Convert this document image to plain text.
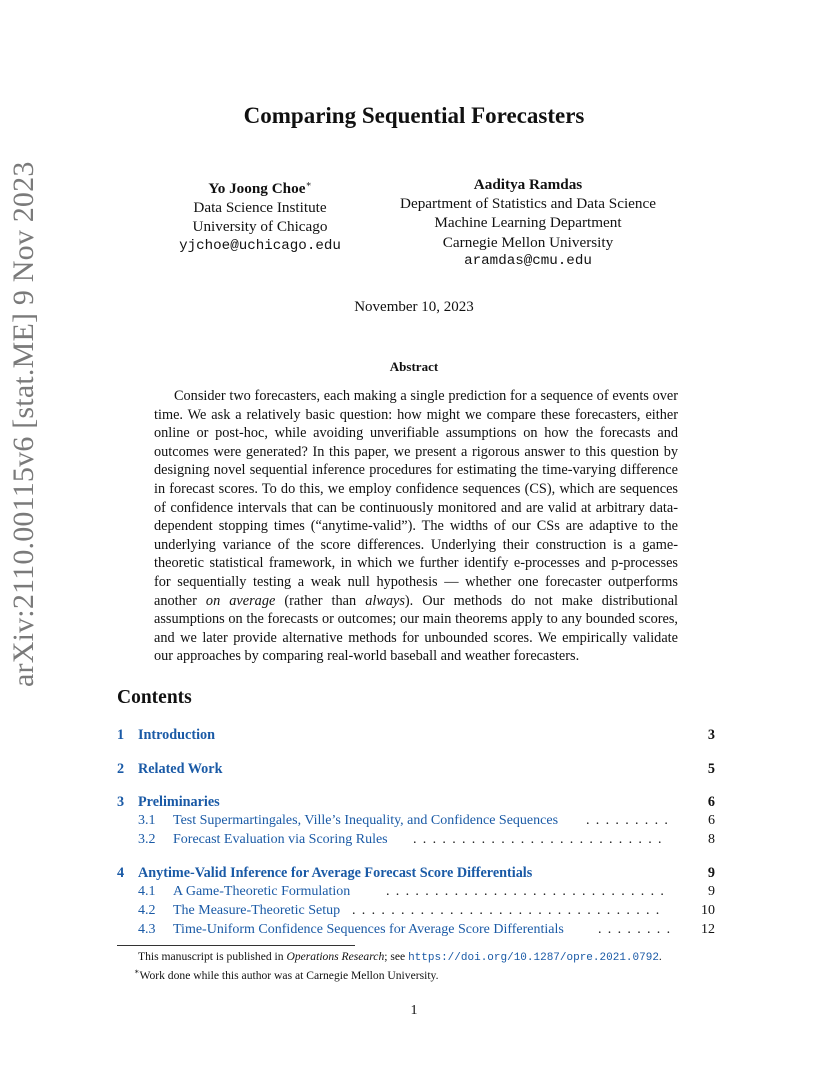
arXiv:2110.00115v6 [stat.ME] 9 Nov 2023
Comparing Sequential Forecasters
Yo Joong Choe∗
Data Science Institute
University of Chicago
yjchoe@uchicago.edu
Aaditya Ramdas
Department of Statistics and Data Science
Machine Learning Department
Carnegie Mellon University
aramdas@cmu.edu
November 10, 2023
Abstract

Consider two forecasters, each making a single prediction for a sequence of events over time. We ask a relatively basic question: how might we compare these forecasters, either online or post-hoc, while avoiding unverifiable assumptions on how the forecasts and outcomes were generated? In this paper, we present a rigorous answer to this question by designing novel sequential inference procedures for estimating the time-varying difference in forecast scores. To do this, we employ confidence sequences (CS), which are sequences of confidence intervals that can be continuously monitored and are valid at arbitrary data-dependent stopping times (“anytime-valid”). The widths of our CSs are adaptive to the underlying variance of the score differences. Underlying their construction is a game-theoretic statistical framework, in which we further identify e-processes and p-processes for sequentially testing a weak null hypothesis — whether one forecaster outperforms another on average (rather than always). Our methods do not make distributional assumptions on the forecasts or outcomes; our main theorems apply to any bounded scores, and we later provide alternative methods for unbounded scores. We empirically validate our approaches by comparing real-world baseball and weather forecasters.

Contents
1 Introduction	3
2 Related Work	5
3 Preliminaries	6
3.1 Test Supermartingales, Ville’s Inequality, and Confidence Sequences .........	6
3.2 Forecast Evaluation via Scoring Rules ..........................	8
4 Anytime-Valid Inference for Average Forecast Score Differentials	9
4.1 A Game-Theoretic Formulation	.............................	9
4.2 The Measure-Theoretic Setup ................................	10
4.3 Time-Uniform Confidence Sequences for Average Score Differentials ........	12
This manuscript is published in Operations Research; see https://doi.org/10.1287/opre.2021.0792.
∗Work done while this author was at Carnegie Mellon University.
1
